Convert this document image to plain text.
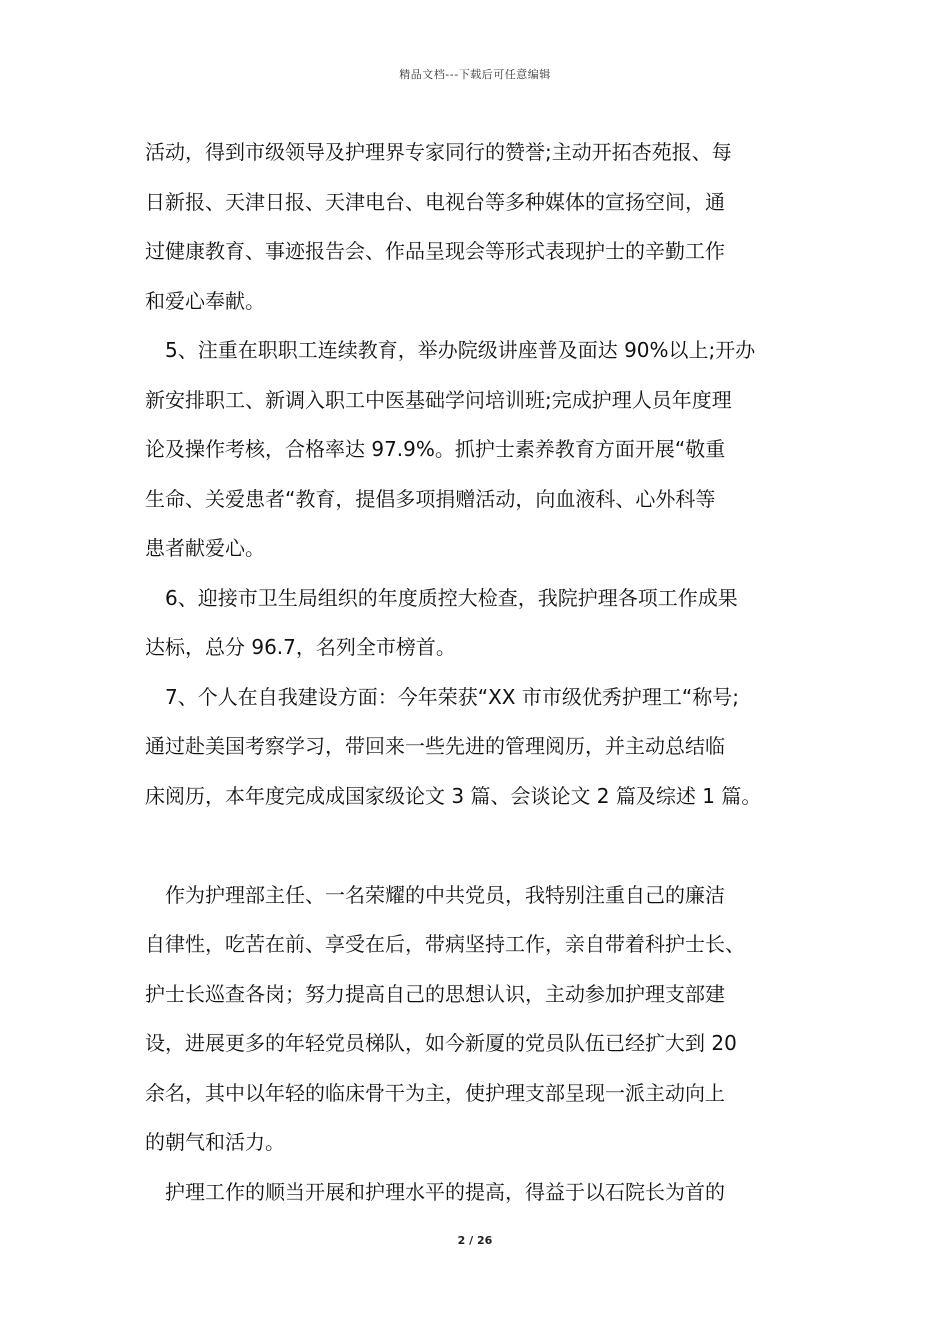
精品文档---下载后可任意编辑
活动，得到市级领导及护理界专家同行的赞誉;主动开拓杏苑报、每
日新报、天津日报、天津电台、电视台等多种媒体的宣扬空间，通
过健康教育、事迹报告会、作品呈现会等形式表现护士的辛勤工作
和爱心奉献。
5、注重在职职工连续教育，举办院级讲座普及面达 90%以上;开办
新安排职工、新调入职工中医基础学问培训班;完成护理人员年度理
论及操作考核，合格率达 97.9%。抓护士素养教育方面开展“敬重
生命、关爱患者“教育，提倡多项捐赠活动，向血液科、心外科等
患者献爱心。
6、迎接市卫生局组织的年度质控大检查，我院护理各项工作成果
达标，总分 96.7，名列全市榜首。
7、个人在自我建设方面：今年荣获“XX 市市级优秀护理工“称号;
通过赴美国考察学习，带回来一些先进的管理阅历，并主动总结临
床阅历，本年度完成成国家级论文 3 篇、会谈论文 2 篇及综述 1 篇。
作为护理部主任、一名荣耀的中共党员，我特别注重自己的廉洁
自律性，吃苦在前、享受在后，带病坚持工作，亲自带着科护士长、
护士长巡查各岗；努力提高自己的思想认识，主动参加护理支部建
设，进展更多的年轻党员梯队，如今新厦的党员队伍已经扩大到 20
余名，其中以年轻的临床骨干为主，使护理支部呈现一派主动向上
的朝气和活力。
护理工作的顺当开展和护理水平的提高，得益于以石院长为首的
2 / 26
